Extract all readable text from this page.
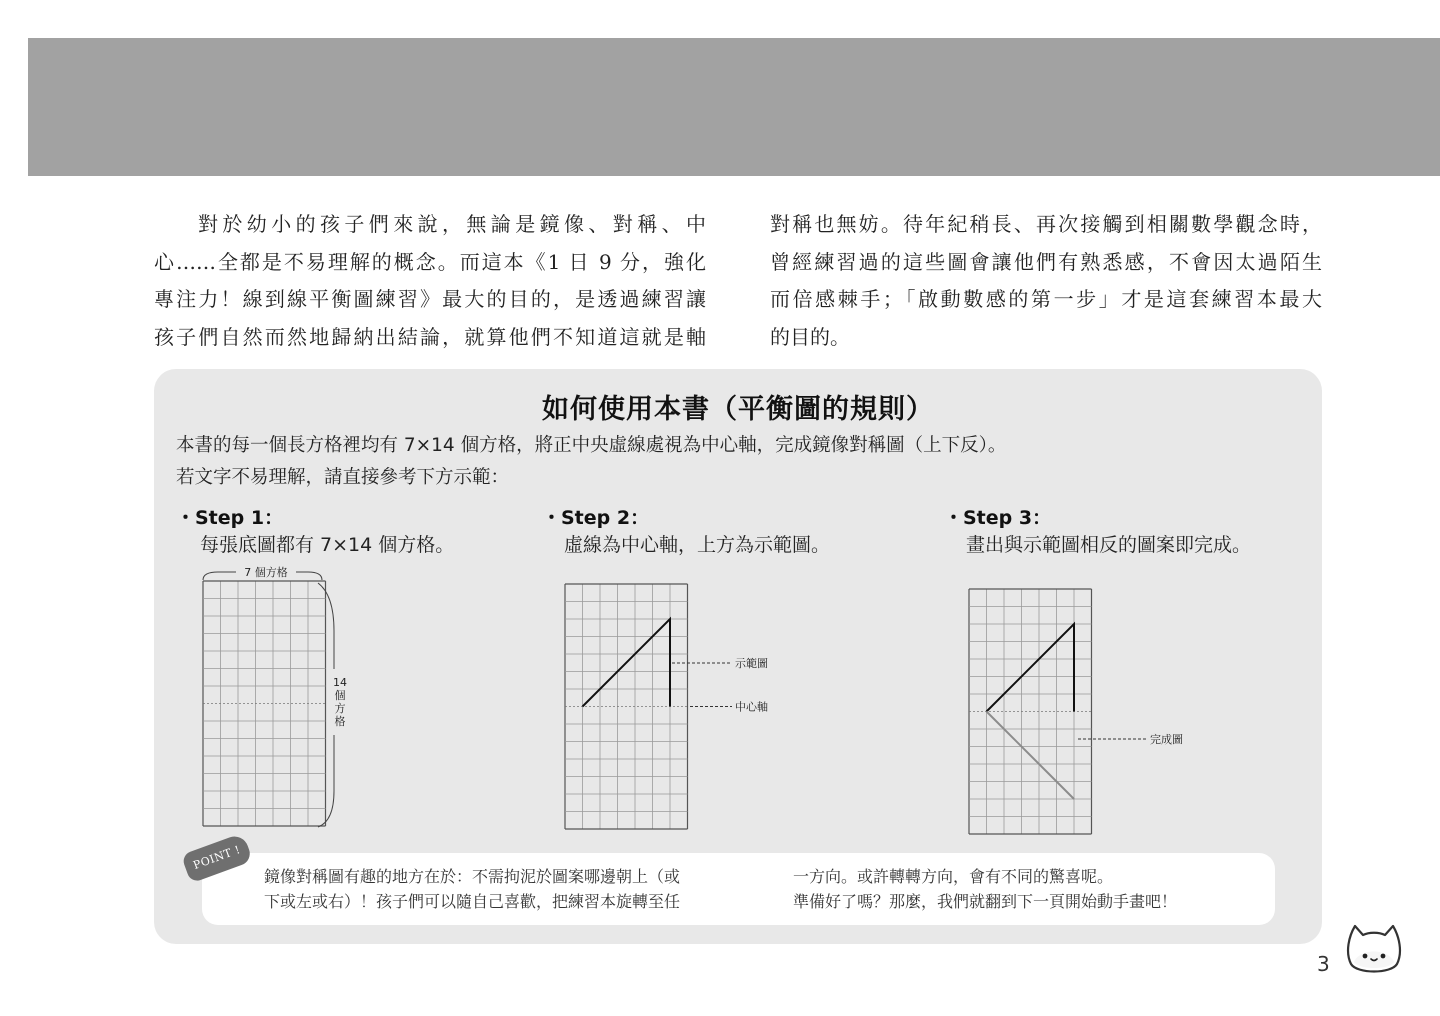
對於幼小的孩子們來說，無論是鏡像、對稱、中
心……全都是不易理解的概念。而這本《1 日 9 分，強化
專注力！線到線平衡圖練習》最大的目的，是透過練習讓
孩子們自然而然地歸納出結論，就算他們不知道這就是軸
對稱也無妨。待年紀稍長、再次接觸到相關數學觀念時，
曾經練習過的這些圖會讓他們有熟悉感，不會因太過陌生
而倍感棘手；「啟動數感的第一步」才是這套練習本最大
的目的。
如何使用本書（平衡圖的規則）
本書的每一個長方格裡均有 7×14 個方格，將正中央虛線處視為中心軸，完成鏡像對稱圖（上下反）。
若文字不易理解，請直接參考下方示範：
・Step 1：
每張底圖都有 7×14 個方格。
・Step 2：
虛線為中心軸，上方為示範圖。
・Step 3：
畫出與示範圖相反的圖案即完成。
7 個方格
14
個
方
格
示範圖
中心軸
完成圖
鏡像對稱圖有趣的地方在於：不需拘泥於圖案哪邊朝上（或
下或左或右）！孩子們可以隨自己喜歡，把練習本旋轉至任
一方向。或許轉轉方向，會有不同的驚喜呢。
準備好了嗎？那麼，我們就翻到下一頁開始動手畫吧！
POINT !
3
